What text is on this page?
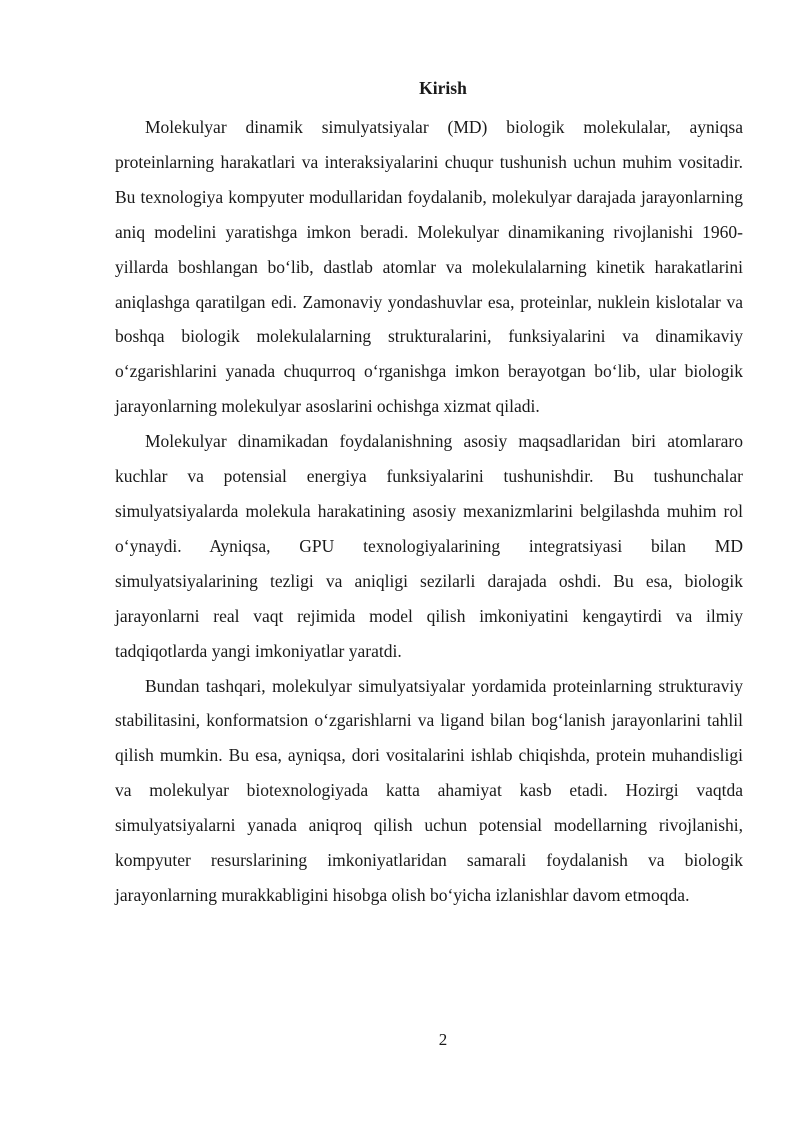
Kirish

Molekulyar dinamik simulyatsiyalar (MD) biologik molekulalar, ayniqsa proteinlarning harakatlari va interaksiyalarini chuqur tushunish uchun muhim vositadir. Bu texnologiya kompyuter modullaridan foydalanib, molekulyar darajada jarayonlarning aniq modelini yaratishga imkon beradi. Molekulyar dinamikaning rivojlanishi 1960-yillarda boshlangan bo‘lib, dastlab atomlar va molekulalarning kinetik harakatlarini aniqlashga qaratilgan edi. Zamonaviy yondashuvlar esa, proteinlar, nuklein kislotalar va boshqa biologik molekulalarning strukturalarini, funksiyalarini va dinamikaviy o‘zgarishlarini yanada chuqurroq o‘rganishga imkon berayotgan bo‘lib, ular biologik jarayonlarning molekulyar asoslarini ochishga xizmat qiladi.

Molekulyar dinamikadan foydalanishning asosiy maqsadlaridan biri atomlararo kuchlar va potensial energiya funksiyalarini tushunishdir. Bu tushunchalar simulyatsiyalarda molekula harakatining asosiy mexanizmlarini belgilashda muhim rol o‘ynaydi. Ayniqsa, GPU texnologiyalarining integratsiyasi bilan MD simulyatsiyalarining tezligi va aniqligi sezilarli darajada oshdi. Bu esa, biologik jarayonlarni real vaqt rejimida model qilish imkoniyatini kengaytirdi va ilmiy tadqiqotlarda yangi imkoniyatlar yaratdi.

Bundan tashqari, molekulyar simulyatsiyalar yordamida proteinlarning strukturaviy stabilitasini, konformatsion o‘zgarishlarni va ligand bilan bog‘lanish jarayonlarini tahlil qilish mumkin. Bu esa, ayniqsa, dori vositalarini ishlab chiqishda, protein muhandisligi va molekulyar biotexnologiyada katta ahamiyat kasb etadi. Hozirgi vaqtda simulyatsiyalarni yanada aniqroq qilish uchun potensial modellarning rivojlanishi, kompyuter resurslarining imkoniyatlaridan samarali foydalanish va biologik jarayonlarning murakkabligini hisobga olish bo‘yicha izlanishlar davom etmoqda.

2
